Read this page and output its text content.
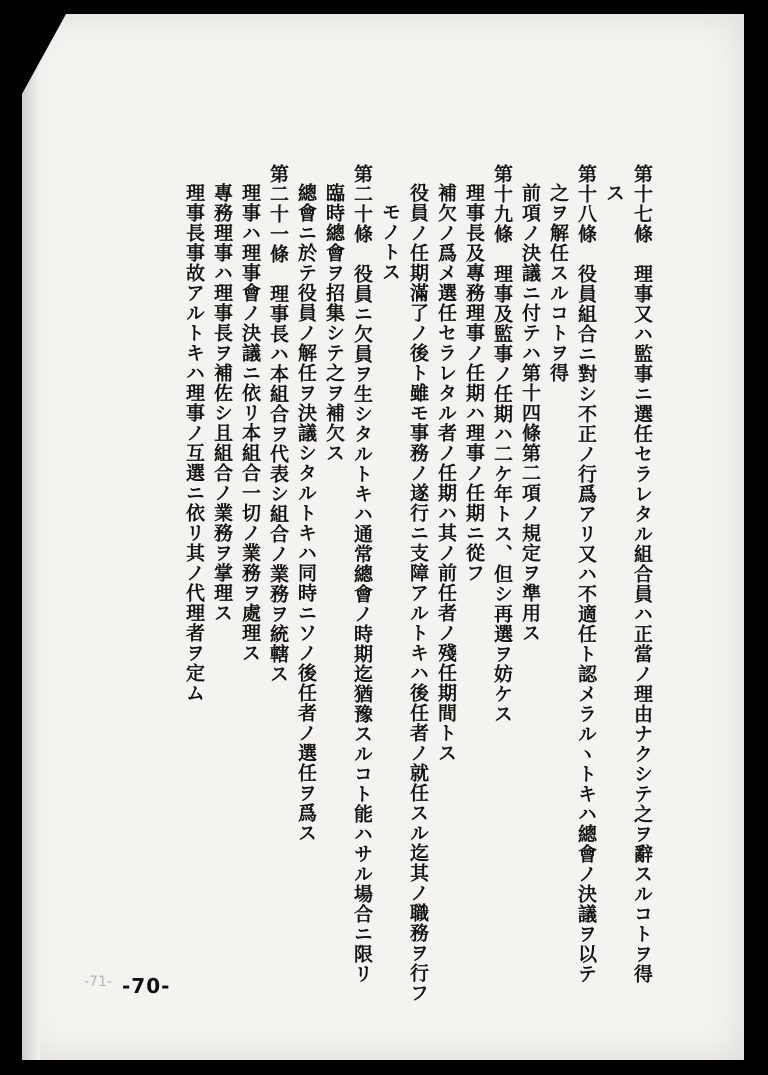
第十七條　理事又ハ監事ニ選任セラレタル組合員ハ正當ノ理由ナクシテ之ヲ辭スルコトヲ得

ス

第十八條　役員組合ニ對シ不正ノ行爲アリ又ハ不適任ト認メラルヽトキハ總會ノ決議ヲ以テ

之ヲ解任スルコトヲ得

前項ノ決議ニ付テハ第十四條第二項ノ規定ヲ準用ス

第十九條　理事及監事ノ任期ハ二ケ年トス、但シ再選ヲ妨ケス

理事長及專務理事ノ任期ハ理事ノ任期ニ從フ

補欠ノ爲メ選任セラレタル者ノ任期ハ其ノ前任者ノ殘任期間トス

役員ノ任期滿了ノ後ト雖モ事務ノ遂行ニ支障アルトキハ後任者ノ就任スル迄其ノ職務ヲ行フ

モノトス

第二十條　役員ニ欠員ヲ生シタルトキハ通常總會ノ時期迄猶豫スルコト能ハサル場合ニ限リ

臨時總會ヲ招集シテ之ヲ補欠ス

總會ニ於テ役員ノ解任ヲ決議シタルトキハ同時ニソノ後任者ノ選任ヲ爲ス

第二十一條　理事長ハ本組合ヲ代表シ組合ノ業務ヲ統轄ス

理事ハ理事會ノ決議ニ依リ本組合一切ノ業務ヲ處理ス

專務理事ハ理事長ヲ補佐シ且組合ノ業務ヲ掌理ス

理事長事故アルトキハ理事ノ互選ニ依リ其ノ代理者ヲ定ム

-71- -70-
